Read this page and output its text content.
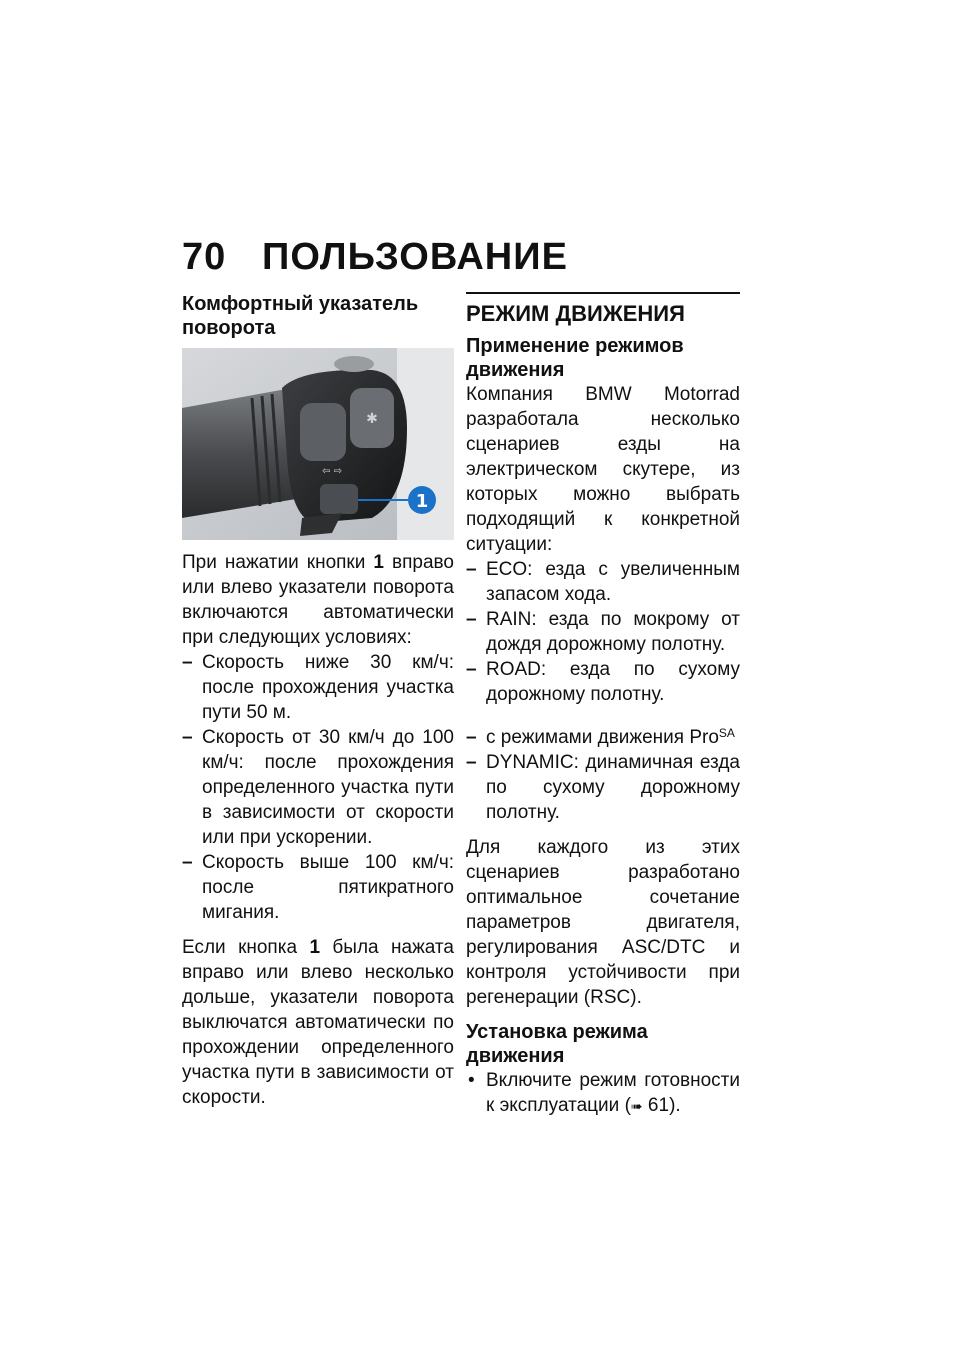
70 ПОЛЬЗОВАНИЕ
Комфортный указатель поворота
✱
⇦ ⇨
1

При нажатии кнопки 1 вправо или влево указатели поворота включаются автоматически при следующих условиях:

– Скорость ниже 30 км/ч: после прохождения участка пути 50 м.
– Скорость от 30 км/ч до 100 км/ч: после прохождения определенного участка пути в зависимости от скорости или при ускорении.
– Скорость выше 100 км/ч: после пятикратного мигания.

Если кнопка 1 была нажата вправо или влево несколько дольше, указатели поворота выключатся автоматически по прохождении определенного участка пути в зависимости от скорости.

РЕЖИМ ДВИЖЕНИЯ
Применение режимов движения

Компания BMW Motorrad разработала несколько сценариев езды на электрическом скутере, из которых можно выбрать подходящий к конкретной ситуации:

– ECO: езда с увеличенным запасом хода.
– RAIN: езда по мокрому от дождя дорожному полотну.
– ROAD: езда по сухому дорожному полотну.
– с режимами движения Pro$^{SA}$
– DYNAMIC: динамичная езда по сухому дорожному полотну.

Для каждого из этих сценариев разработано оптимальное сочетание параметров двигателя, регулирования ASC/DTC и контроля устойчивости при регенерации (RSC).

Установка режима движения
• Включите режим готовности к эксплуатации (➠ 61).
